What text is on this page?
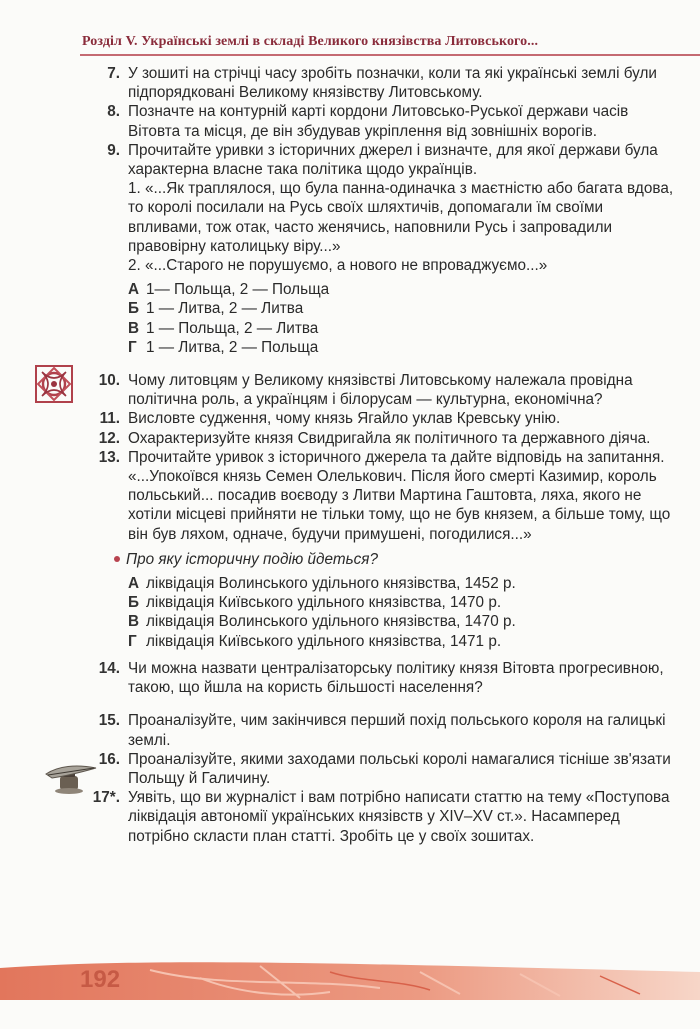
Розділ V. Українські землі в складі Великого князівства Литовського...
7. У зошиті на стрічці часу зробіть позначки, коли та які українські землі були підпорядковані Великому князівству Литовському.
8. Позначте на контурній карті кордони Литовсько-Руської держави часів Вітовта та місця, де він збудував укріплення від зовнішніх ворогів.
9. Прочитайте уривки з історичних джерел і визначте, для якої держави була характерна власне така політика щодо українців.
1. «...Як траплялося, що була панна-одиначка з маєтністю або багата вдова, то королі посилали на Русь своїх шляхтичів, допомагали їм своїми впливами, тож отак, часто женячись, наповнили Русь і запровадили правовірну католицьку віру...»
2. «...Старого не порушуємо, а нового не впроваджуємо...»
А 1— Польща, 2 — Польща
Б 1 — Литва, 2 — Литва
В 1 — Польща, 2 — Литва
Г 1 — Литва, 2 — Польща
10. Чому литовцям у Великому князівстві Литовському належала провідна політична роль, а українцям і білорусам — культурна, економічна?
11. Висловте судження, чому князь Ягайло уклав Кревську унію.
12. Охарактеризуйте князя Свидригайла як політичного та державного діяча.
13. Прочитайте уривок з історичного джерела та дайте відповідь на запитання.
«...Упокоївся князь Семен Олелькович. Після його смерті Казимир, король польський... посадив воєводу з Литви Мартина Гаштовта, ляха, якого не хотіли місцеві прийняти не тільки тому, що не був князем, а більше тому, що він був ляхом, одначе, будучи примушені, погодилися...»
Про яку історичну подію йдеться?
А ліквідація Волинського удільного князівства, 1452 р.
Б ліквідація Київського удільного князівства, 1470 р.
В ліквідація Волинського удільного князівства, 1470 р.
Г ліквідація Київського удільного князівства, 1471 р.
14. Чи можна назвати централізаторську політику князя Вітовта прогресивною, такою, що йшла на користь більшості населення?
15. Проаналізуйте, чим закінчився перший похід польського короля на галицькі землі.
16. Проаналізуйте, якими заходами польські королі намагалися тісніше зв'язати Польщу й Галичину.
17*. Уявіть, що ви журналіст і вам потрібно написати статтю на тему «Поступова ліквідація автономії українських князівств у XIV–XV ст.». Насамперед потрібно скласти план статті. Зробіть це у своїх зошитах.
192
